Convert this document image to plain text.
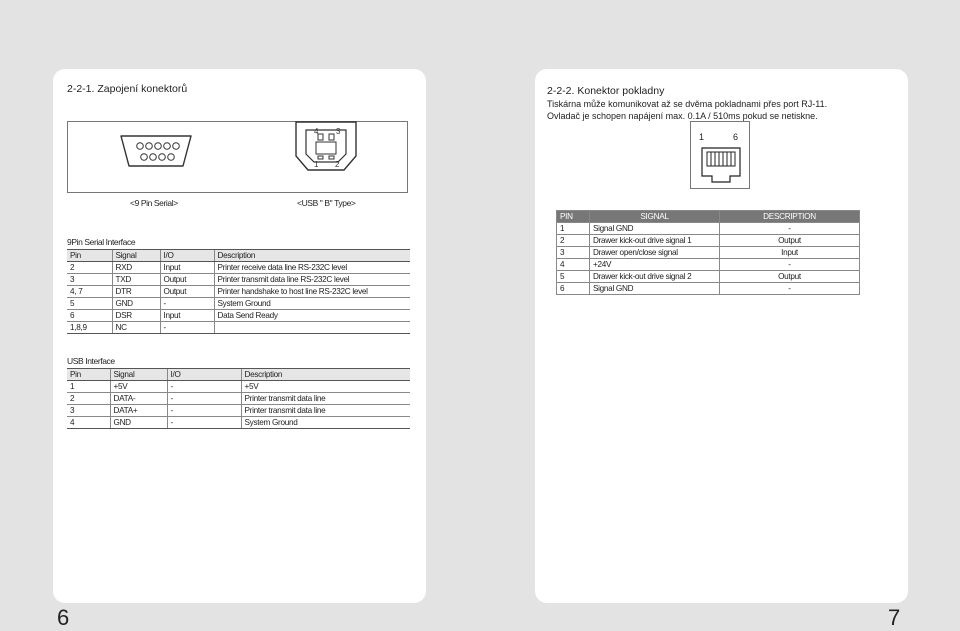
2-2-1. Zapojení konektorů
4 3
1 2
<9 Pin Serial>	<USB " B" Type>
9Pin Serial Interface
Pin	Signal	I/O	Description
2	RXD	Input	Printer receive data line RS-232C level
3	TXD	Output	Printer transmit data line RS-232C level
4, 7	DTR	Output	Printer handshake to host line RS-232C level
5	GND	-	System Ground
6	DSR	Input	Data Send Ready
1,8,9	NC	-	
USB Interface
Pin	Signal	I/O	Description
1	+5V	-	+5V
2	DATA-	-	Printer transmit data line
3	DATA+	-	Printer transmit data line
4	GND	-	System Ground
2-2-2. Konektor pokladny
Tiskárna může komunikovat až se dvěma pokladnami přes port RJ-11.
Ovladač je schopen napájení max. 0.1A / 510ms pokud se netiskne.
1	6
PIN	SIGNAL	DESCRIPTION
1	Signal GND	-
2	Drawer kick-out drive signal 1	Output
3	Drawer open/close signal	Input
4	+24V	-
5	Drawer kick-out drive signal 2	Output
6	Signal GND	-
6	7
